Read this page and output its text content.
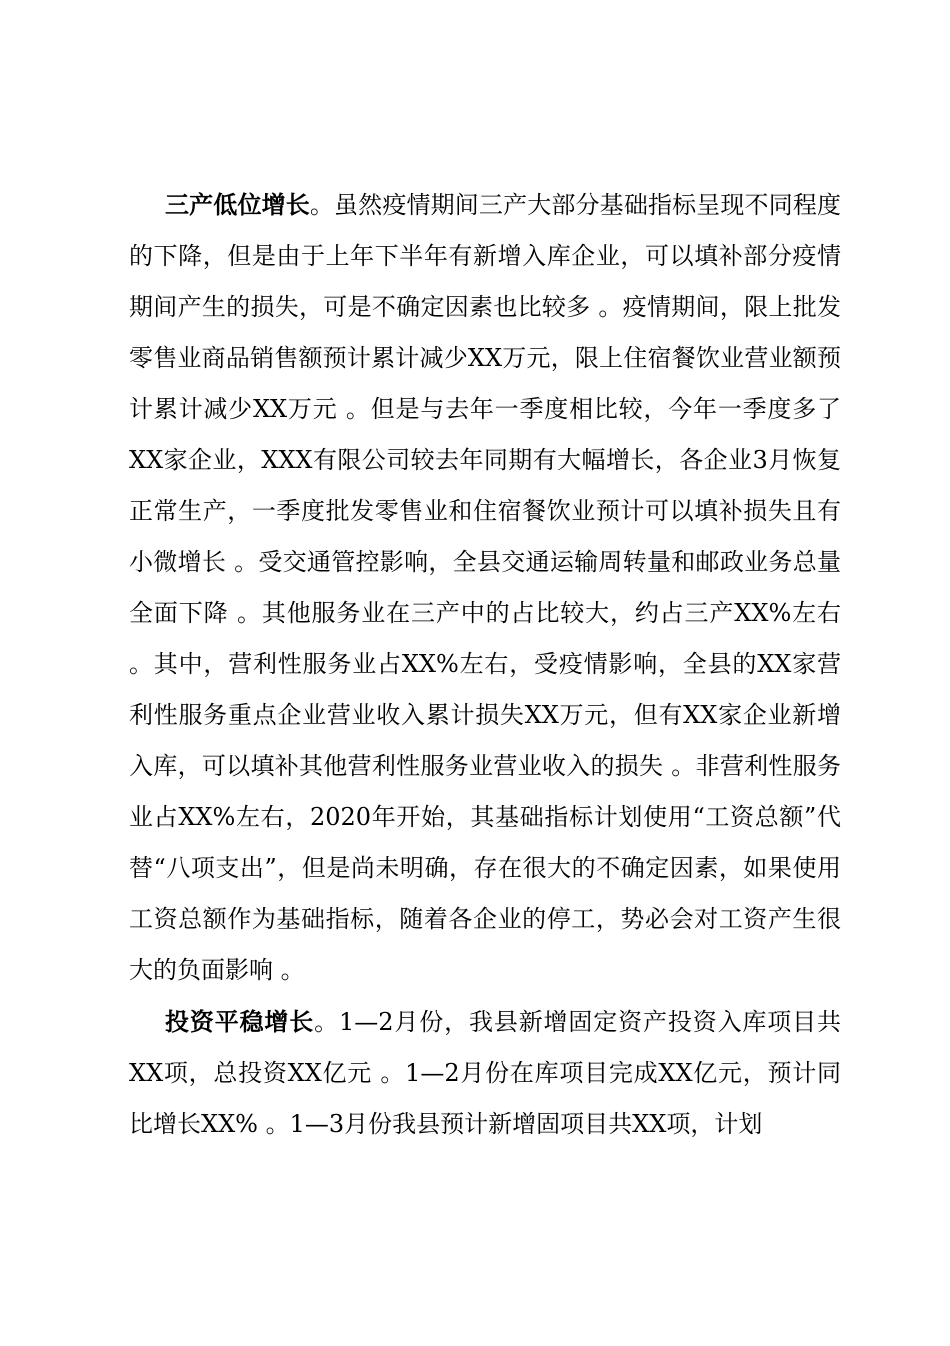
三产低位增长。虽然疫情期间三产大部分基础指标呈现不同程度的下降，但是由于上年下半年有新增入库企业，可以填补部分疫情期间产生的损失，可是不确定因素也比较多 。疫情期间，限上批发零售业商品销售额预计累计减少XX万元，限上住宿餐饮业营业额预计累计减少XX万元 。但是与去年一季度相比较，今年一季度多了XX家企业，XXX有限公司较去年同期有大幅增长，各企业3月恢复正常生产，一季度批发零售业和住宿餐饮业预计可以填补损失且有小微增长 。受交通管控影响，全县交通运输周转量和邮政业务总量全面下降 。其他服务业在三产中的占比较大，约占三产XX%左右 。其中，营利性服务业占XX%左右，受疫情影响，全县的XX家营利性服务重点企业营业收入累计损失XX万元，但有XX家企业新增入库，可以填补其他营利性服务业营业收入的损失 。非营利性服务业占XX%左右，2020年开始，其基础指标计划使用“工资总额”代替“八项支出”，但是尚未明确，存在很大的不确定因素，如果使用工资总额作为基础指标，随着各企业的停工，势必会对工资产生很大的负面影响 。

投资平稳增长。1—2月份，我县新增固定资产投资入库项目共XX项，总投资XX亿元 。1—2月份在库项目完成XX亿元，预计同比增长XX% 。1—3月份我县预计新增固项目共XX项，计划
